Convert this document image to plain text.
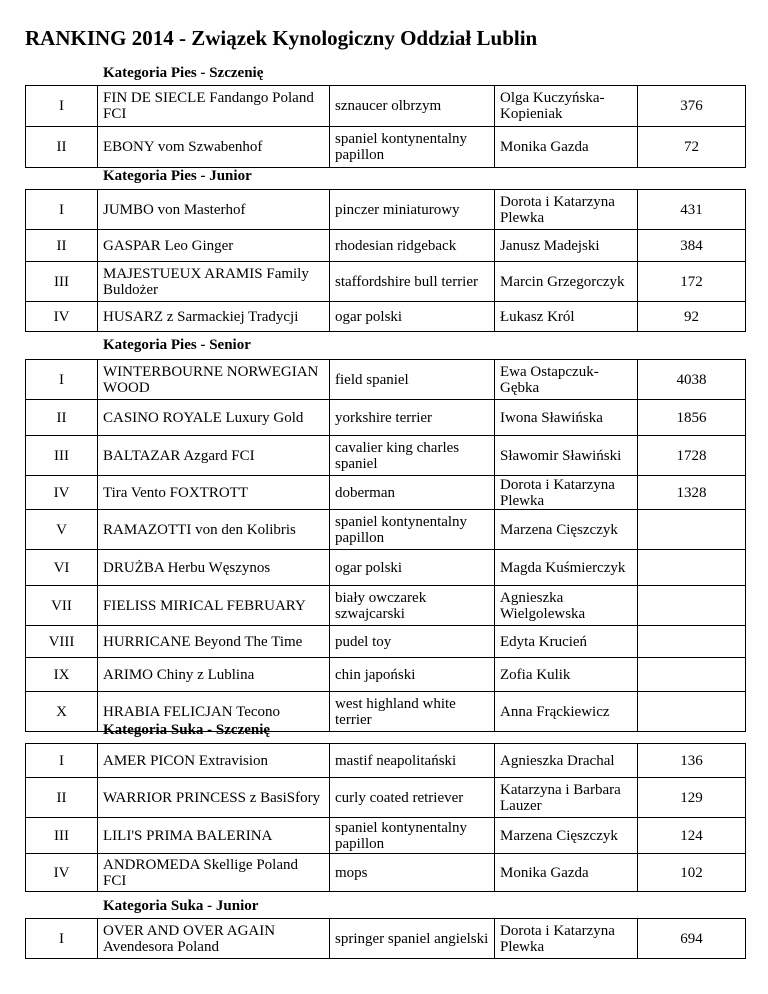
RANKING 2014 - Związek Kynologiczny Oddział Lublin
Kategoria Pies - Szczenię
I	FIN DE SIECLE Fandango Poland FCI	sznaucer olbrzym	Olga Kuczyńska-Kopieniak	376
II	EBONY vom Szwabenhof	spaniel kontynentalny papillon	Monika Gazda	72
Kategoria Pies - Junior
I	JUMBO von Masterhof	pinczer miniaturowy	Dorota i Katarzyna Plewka	431
II	GASPAR Leo Ginger	rhodesian ridgeback	Janusz Madejski	384
III	MAJESTUEUX ARAMIS Family Buldożer	staffordshire bull terrier	Marcin Grzegorczyk	172
IV	HUSARZ z Sarmackiej Tradycji	ogar polski	Łukasz Król	92
Kategoria Pies - Senior
I	WINTERBOURNE NORWEGIAN WOOD	field spaniel	Ewa Ostapczuk-Gębka	4038
II	CASINO ROYALE Luxury Gold	yorkshire terrier	Iwona Sławińska	1856
III	BALTAZAR Azgard FCI	cavalier king charles spaniel	Sławomir Sławiński	1728
IV	Tira Vento FOXTROTT	doberman	Dorota i Katarzyna Plewka	1328
V	RAMAZOTTI von den Kolibris	spaniel kontynentalny papillon	Marzena Cięszczyk	
VI	DRUŻBA Herbu Węszynos	ogar polski	Magda Kuśmierczyk	
VII	FIELISS MIRICAL FEBRUARY	biały owczarek szwajcarski	Agnieszka Wielgolewska	
VIII	HURRICANE Beyond The Time	pudel toy	Edyta Krucień	
IX	ARIMO Chiny z Lublina	chin japoński	Zofia Kulik	
X	HRABIA FELICJAN Tecono	west highland white terrier	Anna Frąckiewicz	
Kategoria Suka - Szczenię
I	AMER PICON Extravision	mastif neapolitański	Agnieszka Drachal	136
II	WARRIOR PRINCESS z BasiSfory	curly coated retriever	Katarzyna i Barbara Lauzer	129
III	LILI'S PRIMA BALERINA	spaniel kontynentalny papillon	Marzena Cięszczyk	124
IV	ANDROMEDA Skellige Poland FCI	mops	Monika Gazda	102
Kategoria Suka - Junior
I	OVER AND OVER AGAIN Avendesora Poland	springer spaniel angielski	Dorota i Katarzyna Plewka	694
